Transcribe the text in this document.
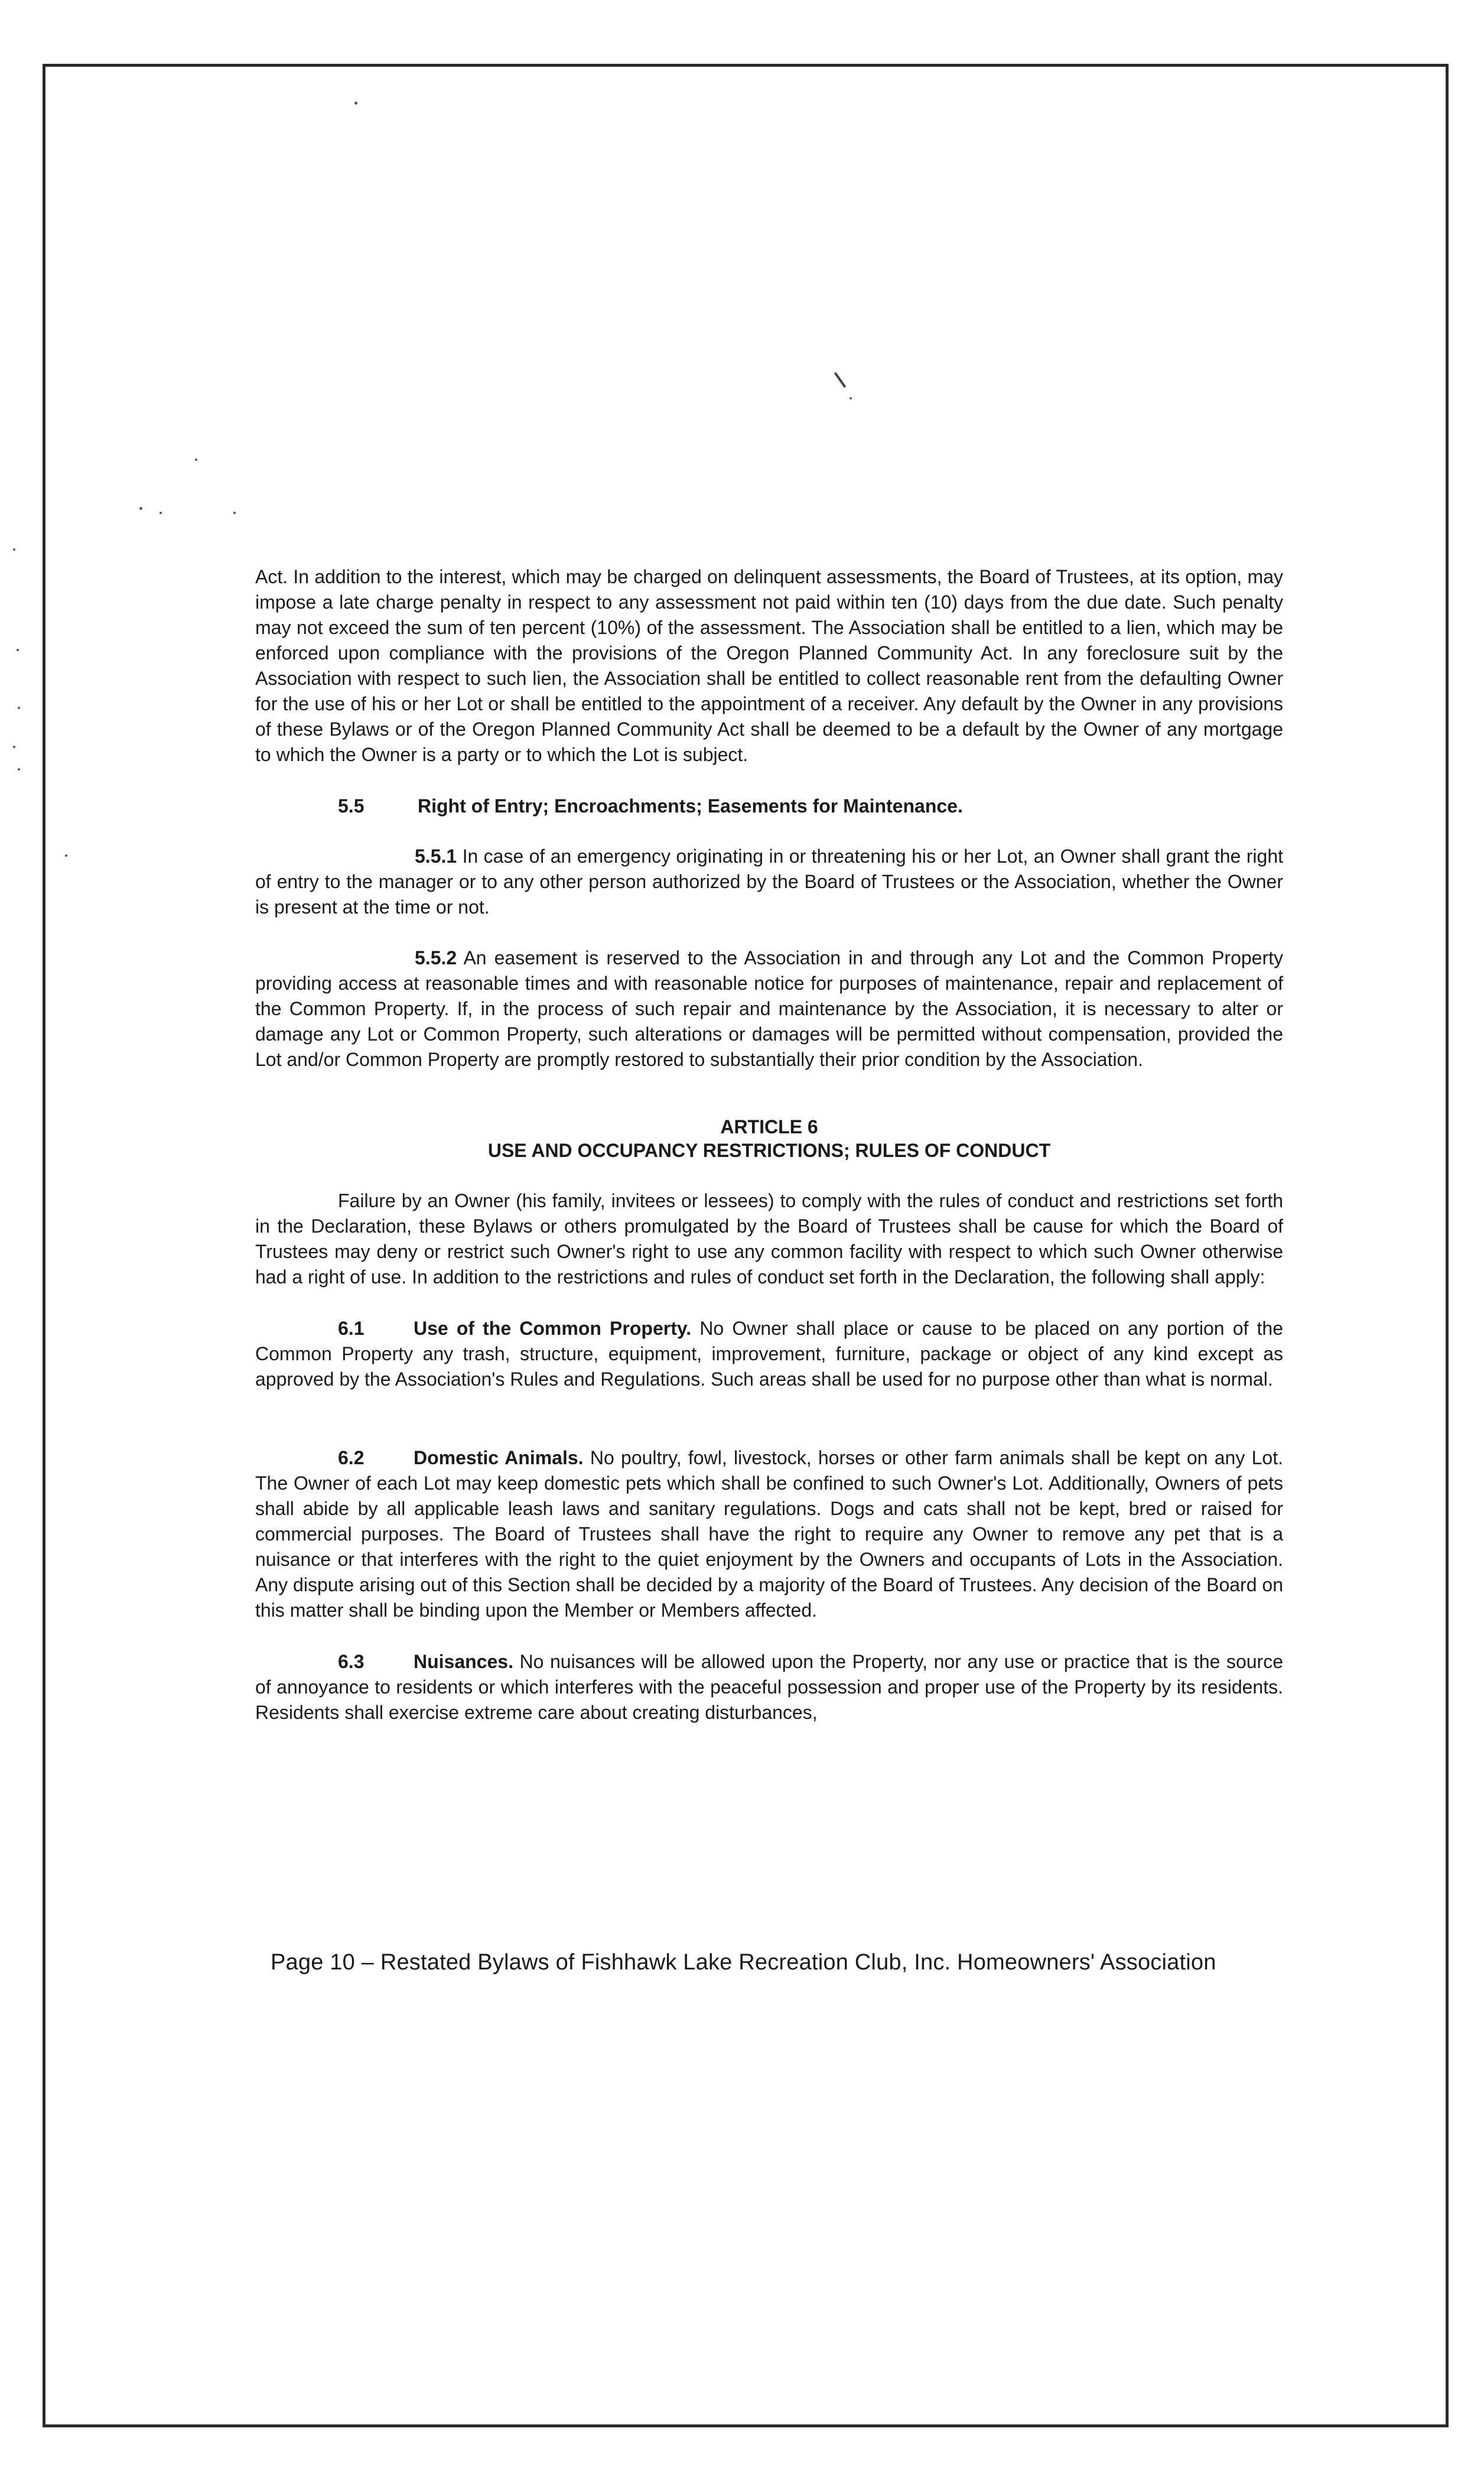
Act. In addition to the interest, which may be charged on delinquent assessments, the Board of Trustees, at its option, may impose a late charge penalty in respect to any assessment not paid within ten (10) days from the due date. Such penalty may not exceed the sum of ten percent (10%) of the assessment. The Association shall be entitled to a lien, which may be enforced upon compliance with the provisions of the Oregon Planned Community Act. In any foreclosure suit by the Association with respect to such lien, the Association shall be entitled to collect reasonable rent from the defaulting Owner for the use of his or her Lot or shall be entitled to the appointment of a receiver. Any default by the Owner in any provisions of these Bylaws or of the Oregon Planned Community Act shall be deemed to be a default by the Owner of any mortgage to which the Owner is a party or to which the Lot is subject.

5.5	Right of Entry; Encroachments; Easements for Maintenance.

5.5.1 In case of an emergency originating in or threatening his or her Lot, an Owner shall grant the right of entry to the manager or to any other person authorized by the Board of Trustees or the Association, whether the Owner is present at the time or not.

5.5.2 An easement is reserved to the Association in and through any Lot and the Common Property providing access at reasonable times and with reasonable notice for purposes of maintenance, repair and replacement of the Common Property. If, in the process of such repair and maintenance by the Association, it is necessary to alter or damage any Lot or Common Property, such alterations or damages will be permitted without compensation, provided the Lot and/or Common Property are promptly restored to substantially their prior condition by the Association.

ARTICLE 6
USE AND OCCUPANCY RESTRICTIONS; RULES OF CONDUCT

Failure by an Owner (his family, invitees or lessees) to comply with the rules of conduct and restrictions set forth in the Declaration, these Bylaws or others promulgated by the Board of Trustees shall be cause for which the Board of Trustees may deny or restrict such Owner's right to use any common facility with respect to which such Owner otherwise had a right of use. In addition to the restrictions and rules of conduct set forth in the Declaration, the following shall apply:

6.1	Use of the Common Property. No Owner shall place or cause to be placed on any portion of the Common Property any trash, structure, equipment, improvement, furniture, package or object of any kind except as approved by the Association's Rules and Regulations. Such areas shall be used for no purpose other than what is normal.

6.2	Domestic Animals. No poultry, fowl, livestock, horses or other farm animals shall be kept on any Lot. The Owner of each Lot may keep domestic pets which shall be confined to such Owner's Lot. Additionally, Owners of pets shall abide by all applicable leash laws and sanitary regulations. Dogs and cats shall not be kept, bred or raised for commercial purposes. The Board of Trustees shall have the right to require any Owner to remove any pet that is a nuisance or that interferes with the right to the quiet enjoyment by the Owners and occupants of Lots in the Association. Any dispute arising out of this Section shall be decided by a majority of the Board of Trustees. Any decision of the Board on this matter shall be binding upon the Member or Members affected.

6.3	Nuisances. No nuisances will be allowed upon the Property, nor any use or practice that is the source of annoyance to residents or which interferes with the peaceful possession and proper use of the Property by its residents. Residents shall exercise extreme care about creating disturbances,

Page 10 – Restated Bylaws of Fishhawk Lake Recreation Club, Inc. Homeowners' Association
